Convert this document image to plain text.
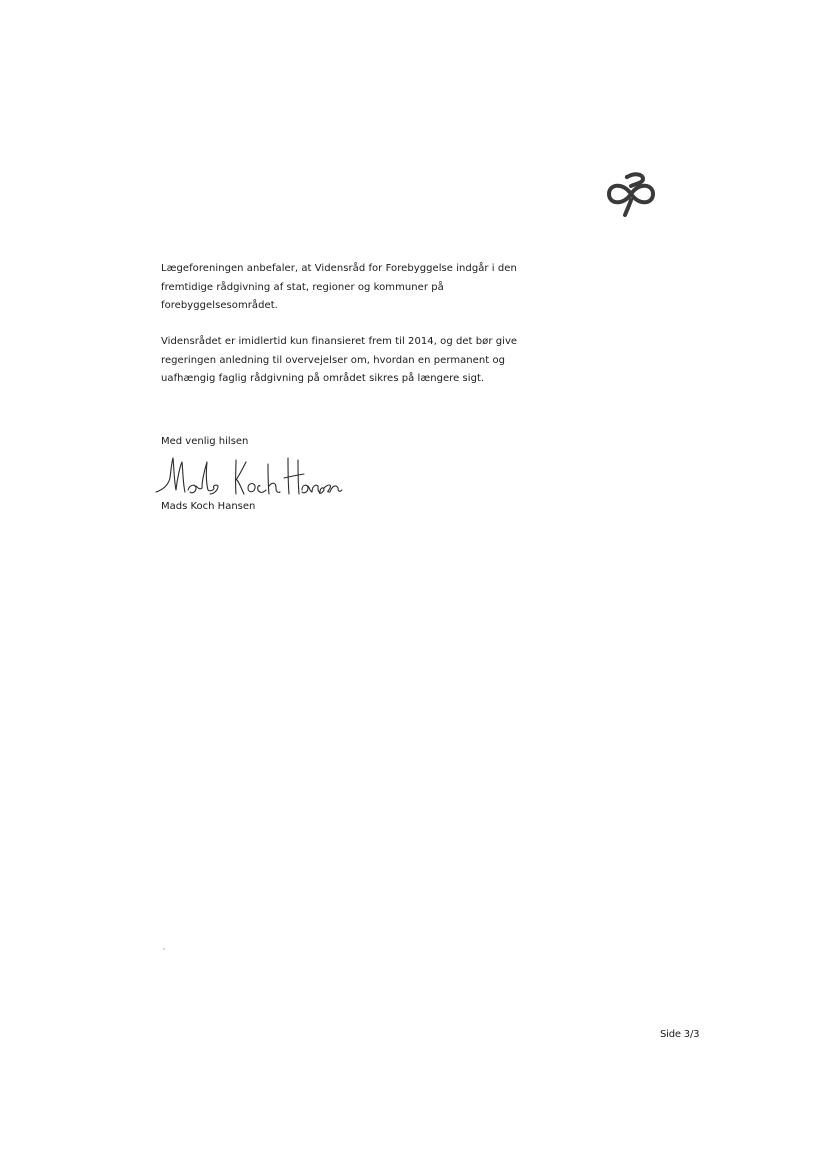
Lægeforeningen anbefaler, at Vidensråd for Forebyggelse indgår i den
fremtidige rådgivning af stat, regioner og kommuner på
forebyggelsesområdet.
Vidensrådet er imidlertid kun finansieret frem til 2014, og det bør give
regeringen anledning til overvejelser om, hvordan en permanent og
uafhængig faglig rådgivning på området sikres på længere sigt.
Med venlig hilsen
Mads Koch Hansen
Side 3/3
